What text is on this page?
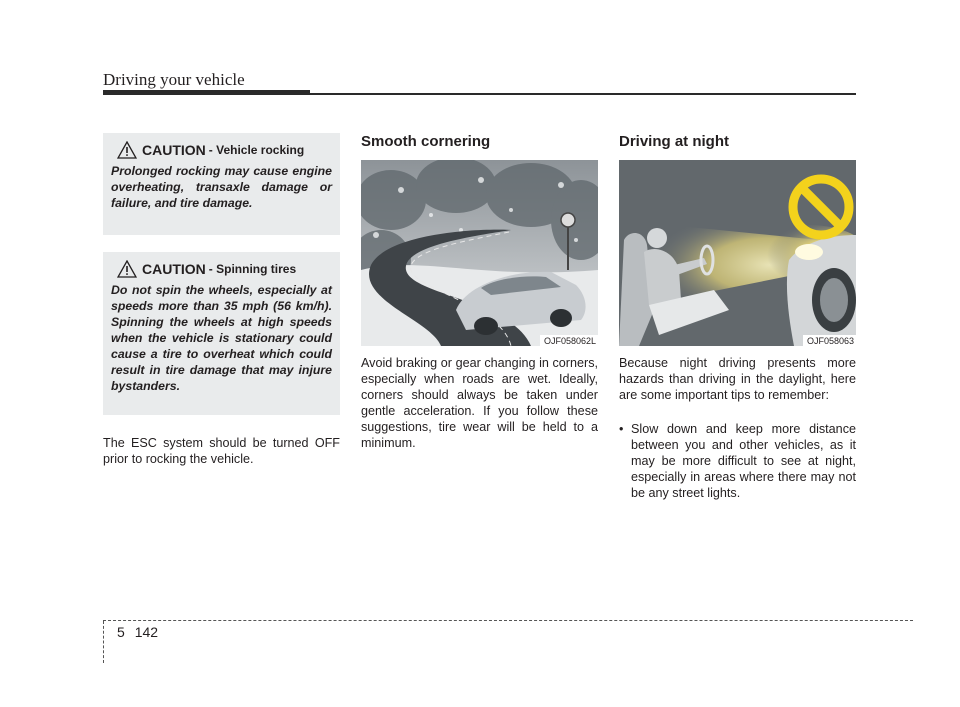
Driving your vehicle
CAUTION - Vehicle rocking
Prolonged rocking may cause engine overheating, transaxle damage or failure, and tire damage.
CAUTION - Spinning tires
Do not spin the wheels, especially at speeds more than 35 mph (56 km/h). Spinning the wheels at high speeds when the vehicle is stationary could cause a tire to overheat which could result in tire damage that may injure bystanders.
The ESC system should be turned OFF prior to rocking the vehicle.
Smooth cornering
OJF058062L
Avoid braking or gear changing in corners, especially when roads are wet. Ideally, corners should always be taken under gentle acceleration. If you follow these suggestions, tire wear will be held to a minimum.
Driving at night
OJF058063
Because night driving presents more hazards than driving in the daylight, here are some important tips to remember:
• Slow down and keep more distance between you and other vehicles, as it may be more difficult to see at night, especially in areas where there may not be any street lights.
5 142
